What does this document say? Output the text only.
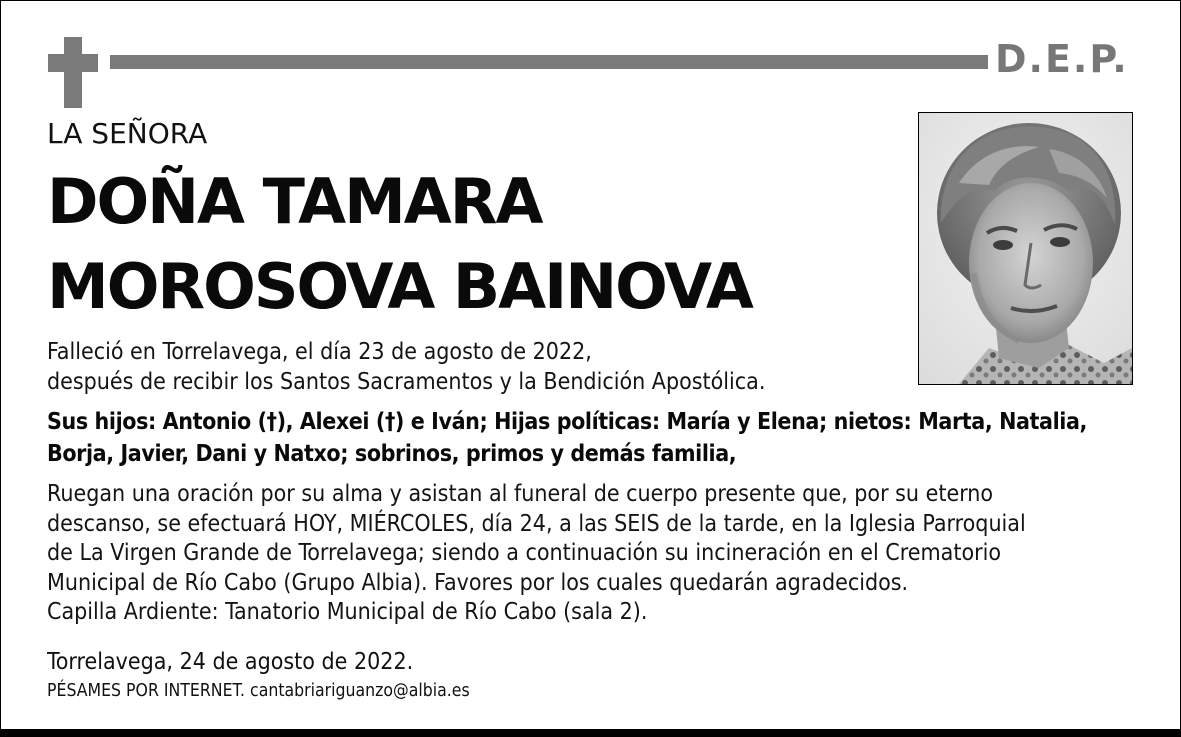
D.E.P.
LA SEÑORA
DOÑA TAMARA
MOROSOVA BAINOVA
Falleció en Torrelavega, el día 23 de agosto de 2022,
después de recibir los Santos Sacramentos y la Bendición Apostólica.
Sus hijos: Antonio (†), Alexei (†) e Iván; Hijas políticas: María y Elena; nietos: Marta, Natalia,
Borja, Javier, Dani y Natxo; sobrinos, primos y demás familia,
Ruegan una oración por su alma y asistan al funeral de cuerpo presente que, por su eterno
descanso, se efectuará HOY, MIÉRCOLES, día 24, a las SEIS de la tarde, en la Iglesia Parroquial
de La Virgen Grande de Torrelavega; siendo a continuación su incineración en el Crematorio
Municipal de Río Cabo (Grupo Albia). Favores por los cuales quedarán agradecidos.
Capilla Ardiente: Tanatorio Municipal de Río Cabo (sala 2).
Torrelavega, 24 de agosto de 2022.
PÉSAMES POR INTERNET. cantabriariguanzo@albia.es
